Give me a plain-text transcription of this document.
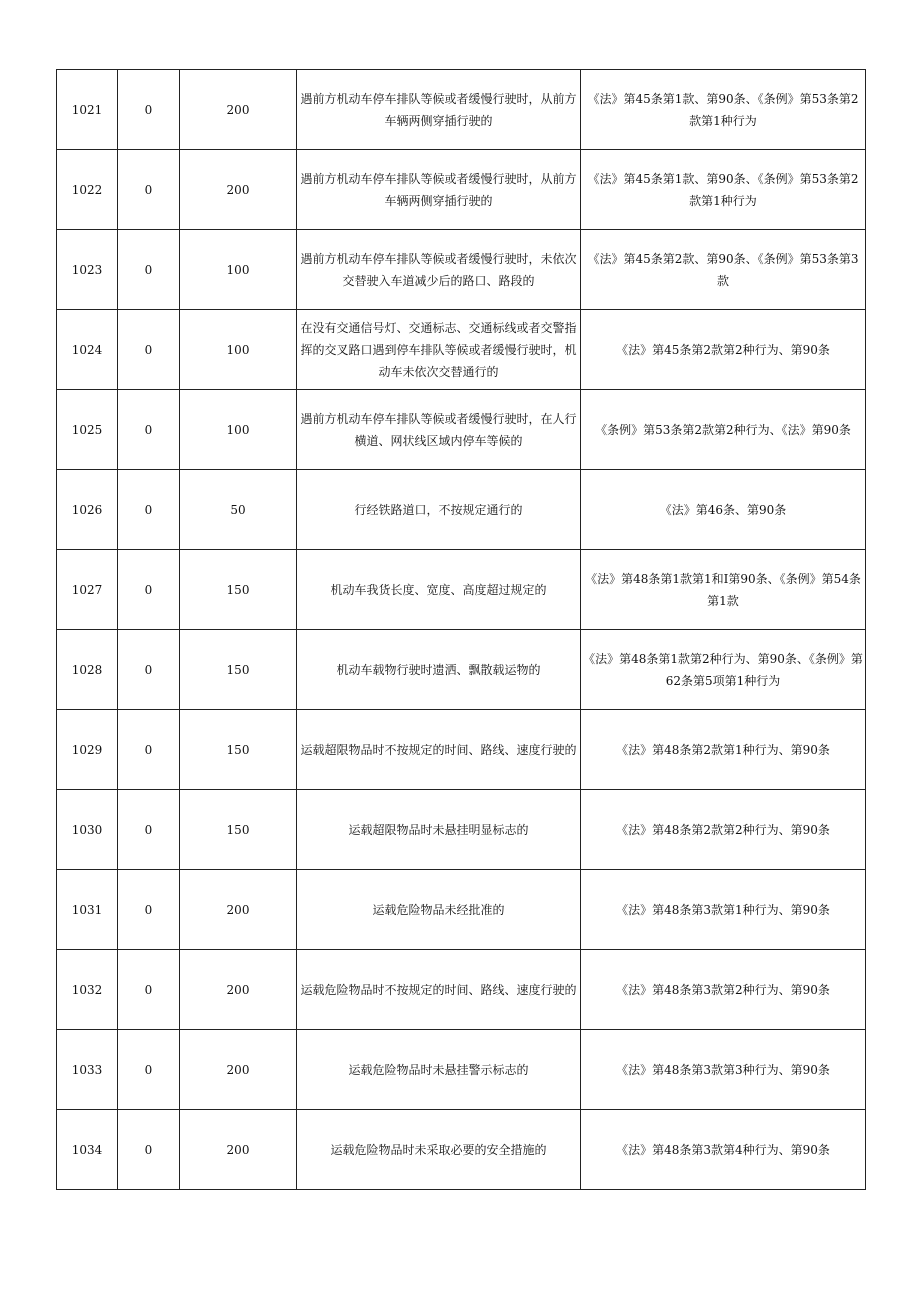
1021	0	200	遇前方机动车停车排队等候或者缓慢行驶时，从前方车辆两侧穿插行驶的	《法》第45条第1款、第90条、《条例》第53条第2款第1种行为
1022	0	200	遇前方机动车停车排队等候或者缓慢行驶时，从前方车辆两侧穿插行驶的	《法》第45条第1款、第90条、《条例》第53条第2款第1种行为
1023	0	100	遇前方机动车停车排队等候或者缓慢行驶时，未依次交替驶入车道减少后的路口、路段的	《法》第45条第2款、第90条、《条例》第53条第3款
1024	0	100	在没有交通信号灯、交通标志、交通标线或者交警指挥的交叉路口遇到停车排队等候或者缓慢行驶时，机动车未依次交替通行的	《法》第45条第2款第2种行为、第90条
1025	0	100	遇前方机动车停车排队等候或者缓慢行驶时，在人行横道、网状线区域内停车等候的	《条例》第53条第2款第2种行为、《法》第90条
1026	0	50	行经铁路道口，不按规定通行的	《法》第46条、第90条
1027	0	150	机动车我货长度、宽度、高度超过规定的	《法》第48条第1款第1和I第90条、《条例》第54条第1款
1028	0	150	机动车载物行驶时遗洒、飘散载运物的	《法》第48条第1款第2种行为、第90条、《条例》第62条第5项第1种行为
1029	0	150	运载超限物品时不按规定的时间、路线、速度行驶的	《法》第48条第2款第1种行为、第90条
1030	0	150	运载超限物品时未悬挂明显标志的	《法》第48条第2款第2种行为、第90条
1031	0	200	运载危险物品未经批准的	《法》第48条第3款第1种行为、第90条
1032	0	200	运载危险物品时不按规定的时间、路线、速度行驶的	《法》第48条第3款第2种行为、第90条
1033	0	200	运载危险物品时未悬挂警示标志的	《法》第48条第3款第3种行为、第90条
1034	0	200	运载危险物品时未采取必要的安全措施的	《法》第48条第3款第4种行为、第90条
